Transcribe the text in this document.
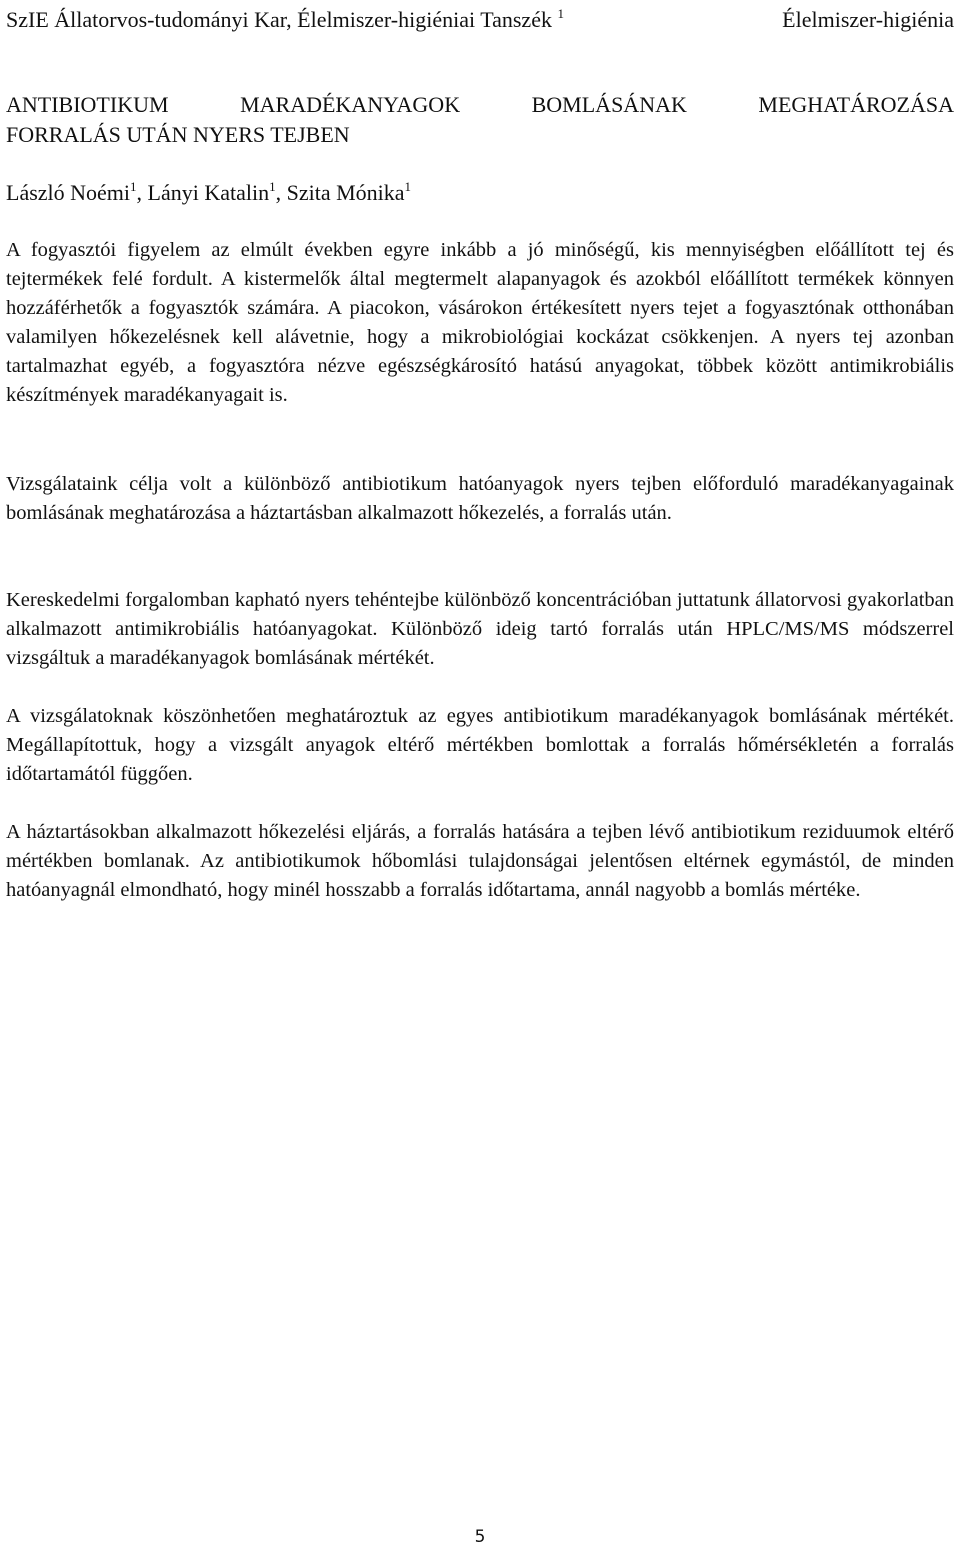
SzIE Állatorvos-tudományi Kar, Élelmiszer-higiéniai Tanszék $^1$	Élelmiszer-higiénia
ANTIBIOTIKUM	MARADÉKANYAGOK	BOMLÁSÁNAK	MEGHATÁROZÁSA
FORRALÁS UTÁN NYERS TEJBEN
László Noémi$^1$, Lányi Katalin$^1$, Szita Mónika$^1$

A fogyasztói figyelem az elmúlt években egyre inkább a jó minőségű, kis mennyiségben előállított tej és tejtermékek felé fordult. A kistermelők által megtermelt alapanyagok és azokból előállított termékek könnyen hozzáférhetők a fogyasztók számára. A piacokon, vásárokon értékesített nyers tejet a fogyasztónak otthonában valamilyen hőkezelésnek kell alávetnie, hogy a mikrobiológiai kockázat csökkenjen. A nyers tej azonban tartalmazhat egyéb, a fogyasztóra nézve egészségkárosító hatású anyagokat, többek között antimikrobiális készítmények maradékanyagait is.

Vizsgálataink célja volt a különböző antibiotikum hatóanyagok nyers tejben előforduló maradékanyagainak bomlásának meghatározása a háztartásban alkalmazott hőkezelés, a forralás után.

Kereskedelmi forgalomban kapható nyers tehéntejbe különböző koncentrációban juttatunk állatorvosi gyakorlatban alkalmazott antimikrobiális hatóanyagokat. Különböző ideig tartó forralás után HPLC/MS/MS módszerrel vizsgáltuk a maradékanyagok bomlásának mértékét.

A vizsgálatoknak köszönhetően meghatároztuk az egyes antibiotikum maradékanyagok bomlásának mértékét. Megállapítottuk, hogy a vizsgált anyagok eltérő mértékben bomlottak a forralás hőmérsékletén a forralás időtartamától függően.

A háztartásokban alkalmazott hőkezelési eljárás, a forralás hatására a tejben lévő antibiotikum reziduumok eltérő mértékben bomlanak. Az antibiotikumok hőbomlási tulajdonságai jelentősen eltérnek egymástól, de minden hatóanyagnál elmondható, hogy minél hosszabb a forralás időtartama, annál nagyobb a bomlás mértéke.

5
